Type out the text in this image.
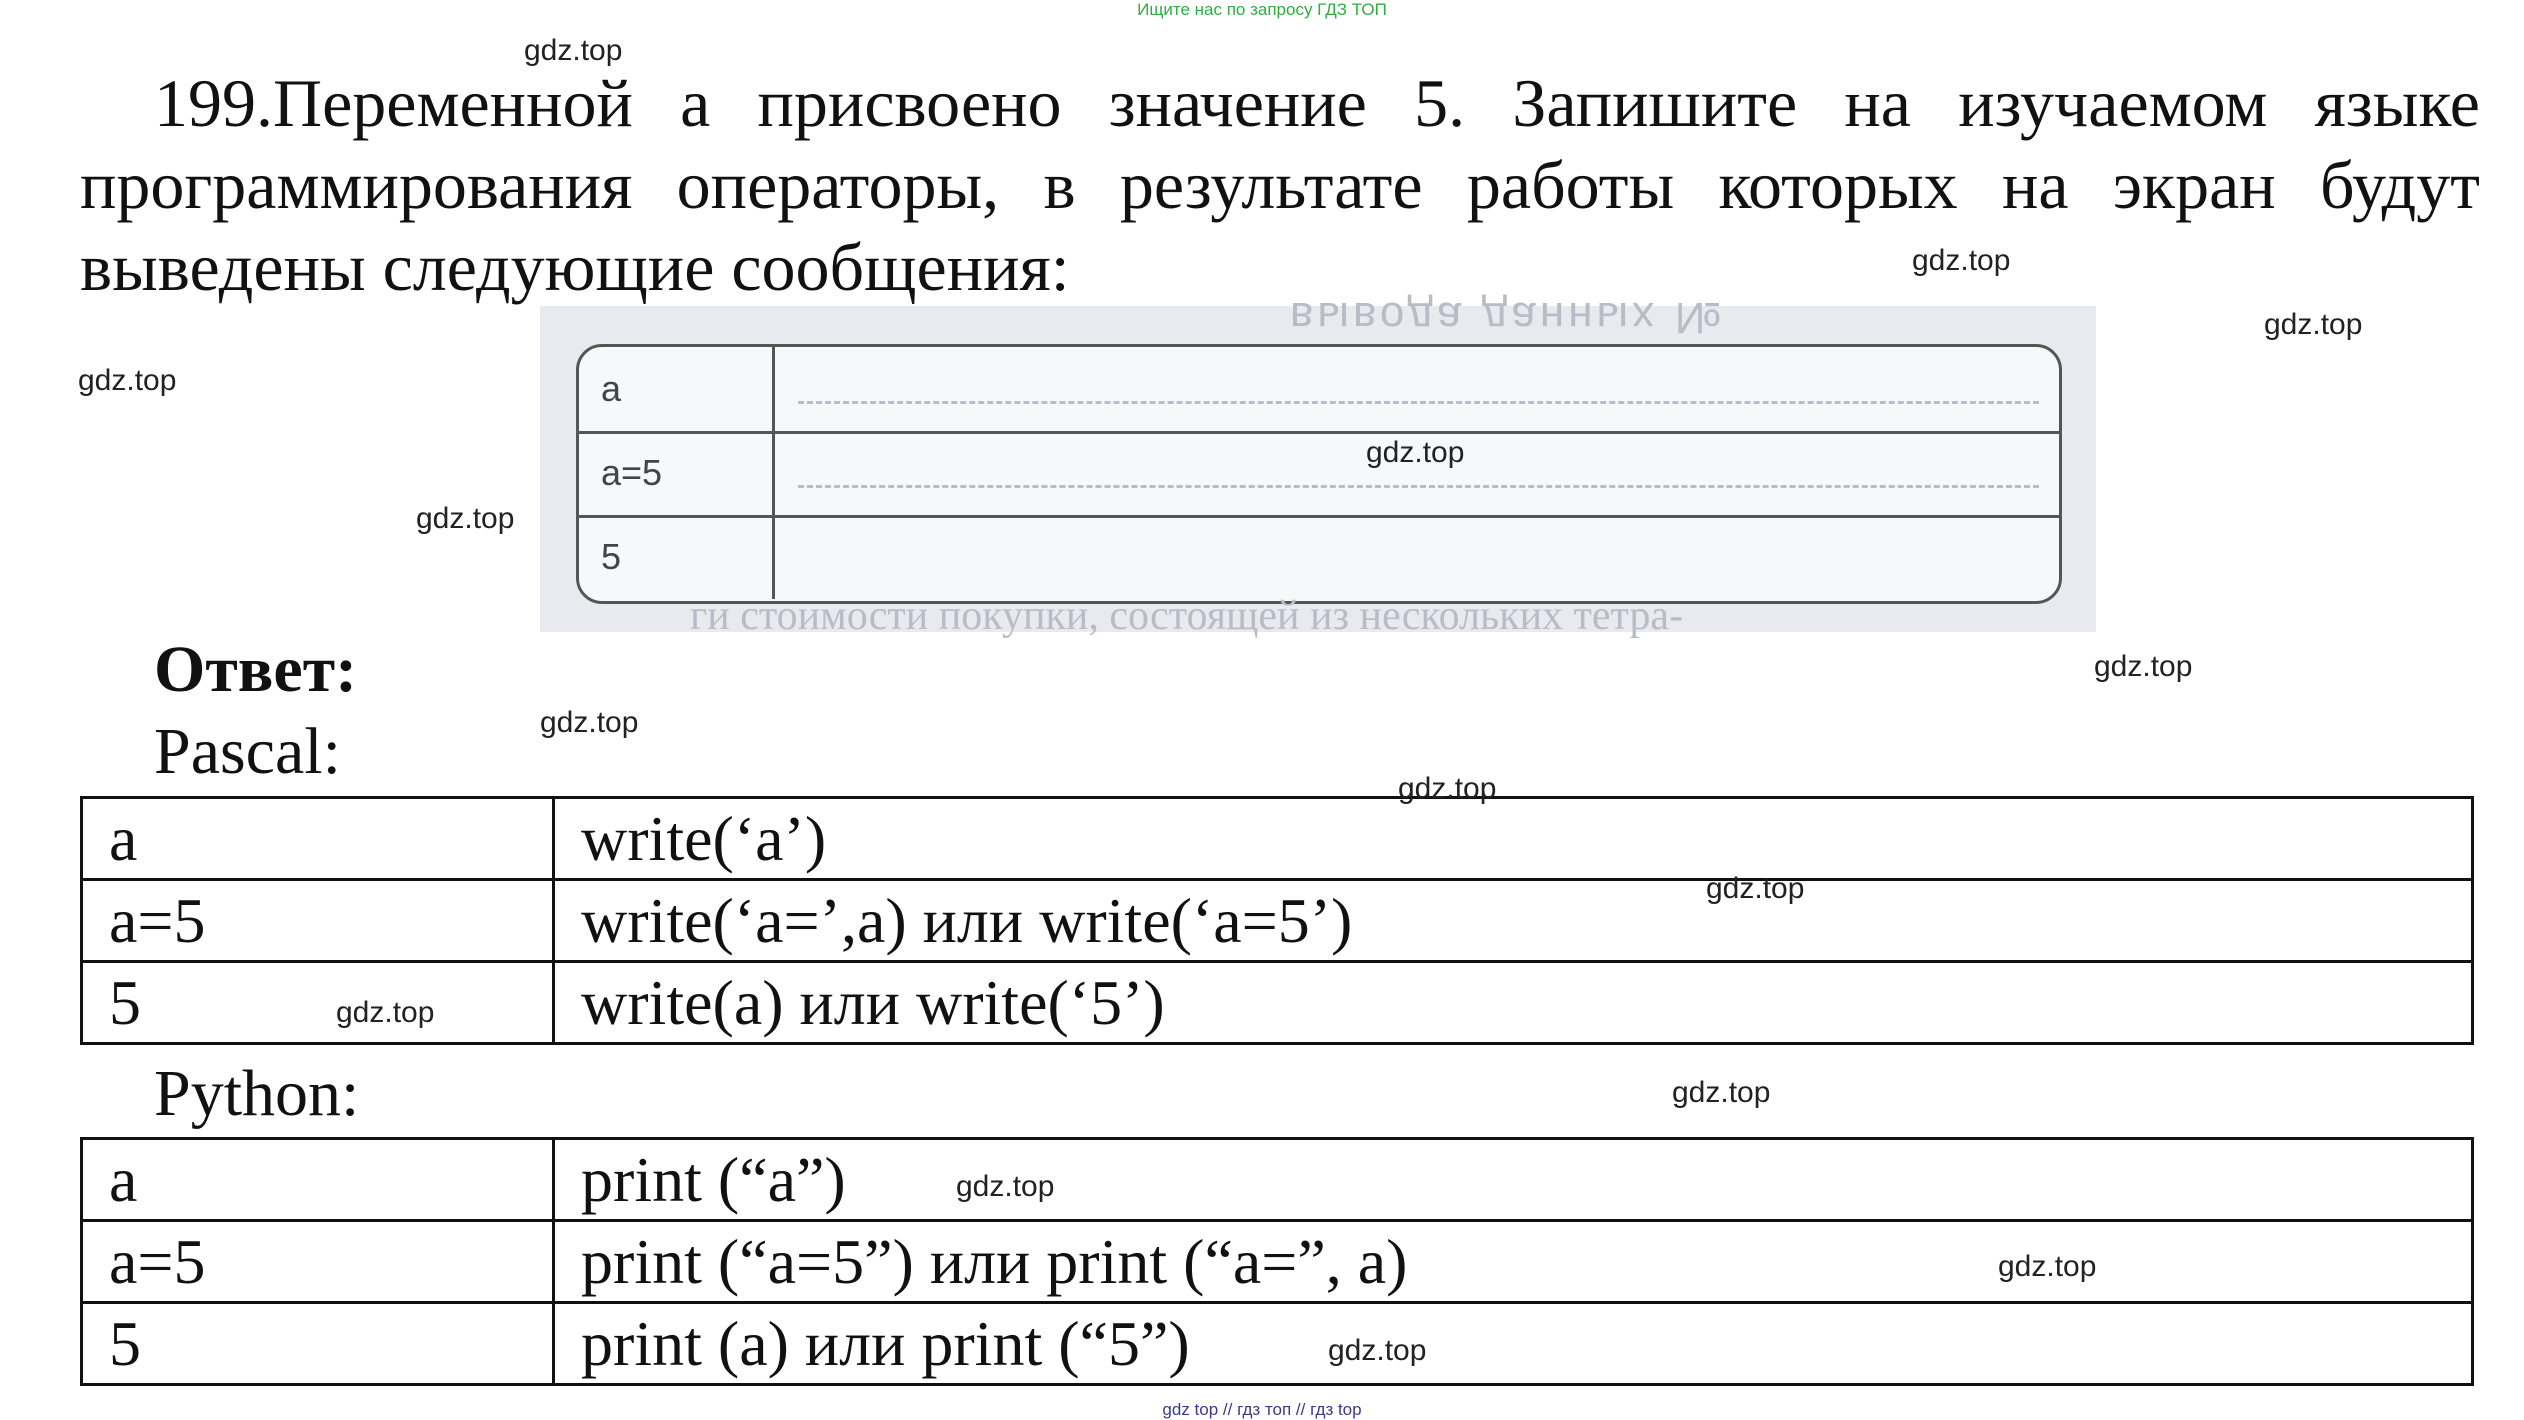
Ищите нас по запросу ГДЗ ТОП
199.Переменной а присвоено значение 5. Запишите на изучаемом языке программирования операторы, в результате работы которых на экран будут выведены следующие сообщения:
вывода данных №
a
a=5
5
ги стоимости покупки, состоящей из нескольких тетра-
Ответ:
Pascal:
a	write(‘a’)
a=5	write(‘a=’,a) или write(‘a=5’)
5	write(a) или write(‘5’)
Python:
a	print (“a”)
a=5	print (“a=5”) или print (“a=”, a)
5	print (a) или print (“5”)
gdz.top
gdz.top
gdz.top
gdz.top
gdz.top
gdz.top
gdz.top
gdz.top
gdz.top
gdz.top
gdz.top
gdz.top
gdz.top
gdz.top
gdz.top
gdz top // гдз топ // гдз top
